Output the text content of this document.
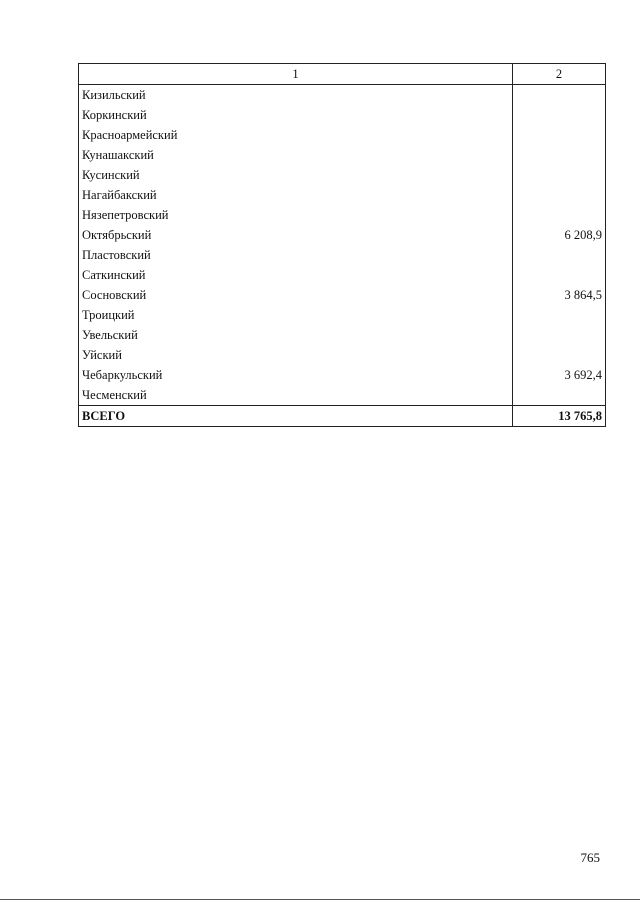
1	2
Кизильский	
Коркинский	
Красноармейский	
Кунашакский	
Кусинский	
Нагайбакский	
Нязепетровский	
Октябрьский	6 208,9
Пластовский	
Саткинский	
Сосновский	3 864,5
Троицкий	
Увельский	
Уйский	
Чебаркульский	3 692,4
Чесменский	
ВСЕГО	13 765,8
765
